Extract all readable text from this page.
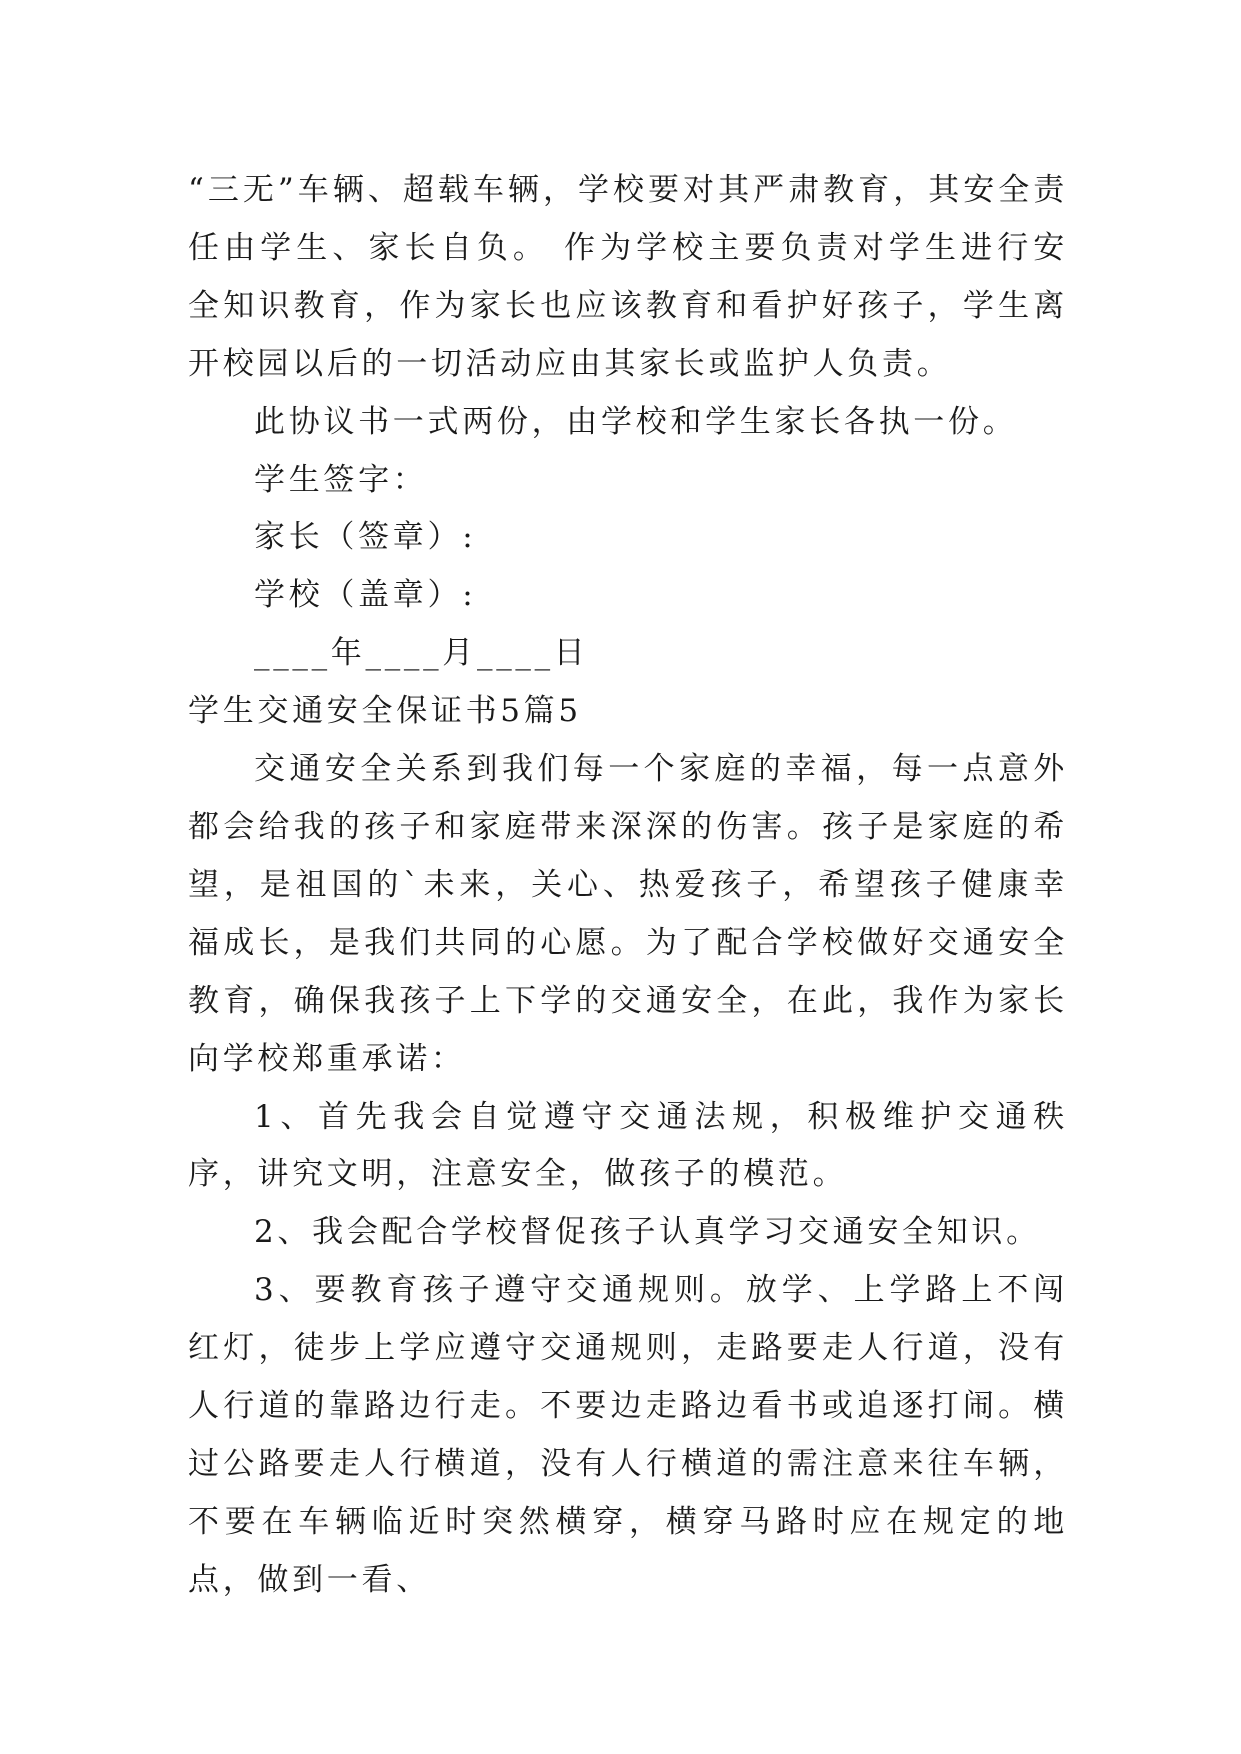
“三无”车辆、超载车辆，学校要对其严肃教育，其安全责任由学生、家长自负。 作为学校主要负责对学生进行安全知识教育，作为家长也应该教育和看护好孩子，学生离开校园以后的一切活动应由其家长或监护人负责。

此协议书一式两份，由学校和学生家长各执一份。

学生签字：

家长（签章）:

学校（盖章）:

____年____月____日

学生交通安全保证书5篇5

交通安全关系到我们每一个家庭的幸福，每一点意外都会给我的孩子和家庭带来深深的伤害。孩子是家庭的希望，是祖国的`未来，关心、热爱孩子，希望孩子健康幸福成长，是我们共同的心愿。为了配合学校做好交通安全教育，确保我孩子上下学的交通安全，在此，我作为家长向学校郑重承诺：

1、首先我会自觉遵守交通法规，积极维护交通秩序，讲究文明，注意安全，做孩子的模范。

2、我会配合学校督促孩子认真学习交通安全知识。

3、要教育孩子遵守交通规则。放学、上学路上不闯红灯，徒步上学应遵守交通规则，走路要走人行道，没有人行道的靠路边行走。不要边走路边看书或追逐打闹。横过公路要走人行横道，没有人行横道的需注意来往车辆，不要在车辆临近时突然横穿，横穿马路时应在规定的地点，做到一看、
